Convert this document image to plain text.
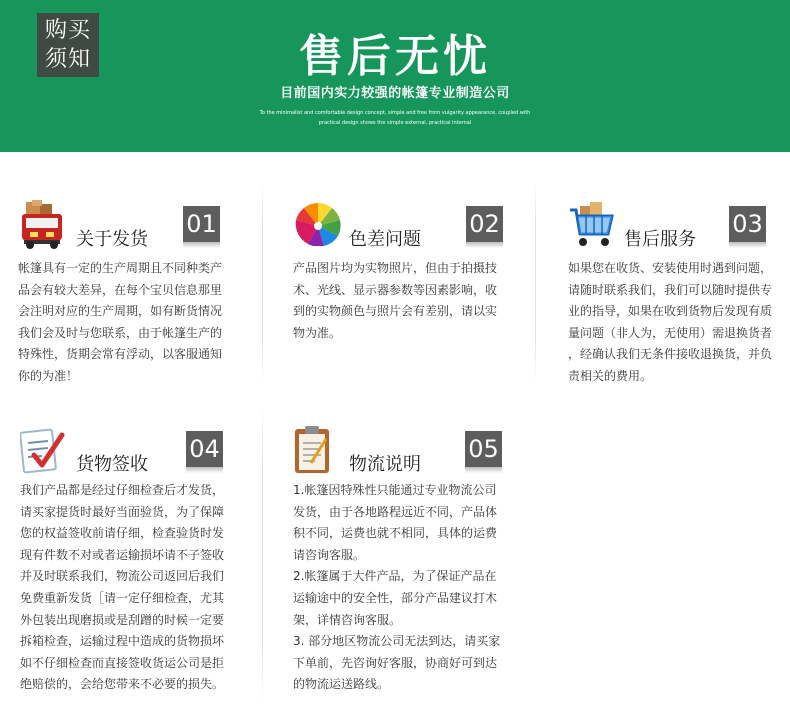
购买
须知	售后无忧
目前国内实力较强的帐篷专业制造公司
To the minimalist and comfortable design concept, simple and free from vulgarity appearance, coupled with
practical design shows the simple external, practical internal
关于发货
01

帐篷具有一定的生产周期且不同种类产

品会有较大差异，在每个宝贝信息那里

会注明对应的生产周期，如有断货情况

我们会及时与您联系，由于帐篷生产的

特殊性，货期会常有浮动，以客服通知

你的为准！

色差问题
02

产品图片均为实物照片，但由于拍摄技

术、光线、显示器参数等因素影响，收

到的实物颜色与照片会有差别，请以实

物为准。

售后服务
03

如果您在收货、安装使用时遇到问题，

请随时联系我们，我们可以随时提供专

业的指导，如果在收到货物后发现有质

量问题（非人为，无使用）需退换货者

，经确认我们无条件接收退换货，并负

责相关的费用。

货物签收
04

我们产品都是经过仔细检查后才发货，

请买家提货时最好当面验货，为了保障

您的权益签收前请仔细，检查验货时发

现有件数不对或者运输损坏请不子签收

并及时联系我们，物流公司返回后我们

免费重新发货［请一定仔细检查，尤其

外包装出现磨损或是刮蹭的时候一定要

拆箱检查，运输过程中造成的货物损坏

如不仔细检查而直接签收货运公司是拒

绝赔偿的，会给您带来不必要的损失。

物流说明
05

1.帐篷因特殊性只能通过专业物流公司

发货，由于各地路程远近不同，产品体

积不同，运费也就不相同，具体的运费

请咨询客服。

2.帐篷属于大件产品，为了保证产品在

运输途中的安全性，部分产品建议打木

架，详情咨询客服。

3. 部分地区物流公司无法到达，请买家

下单前，先咨询好客服，协商好可到达

的物流运送路线。
